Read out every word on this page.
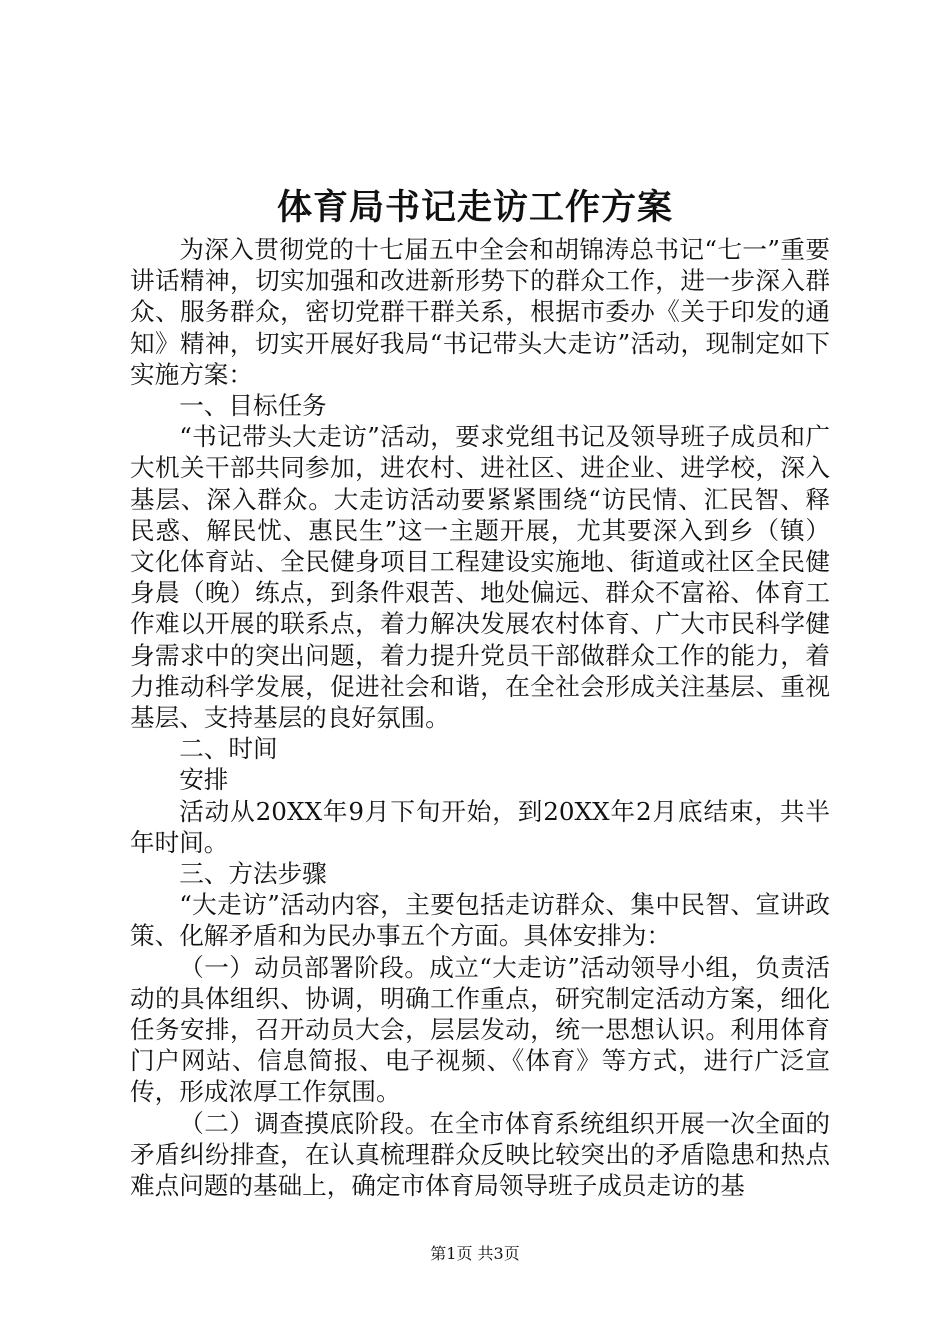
体育局书记走访工作方案

为深入贯彻党的十七届五中全会和胡锦涛总书记“七一”重要讲话精神，切实加强和改进新形势下的群众工作，进一步深入群众、服务群众，密切党群干群关系，根据市委办《关于印发的通知》精神，切实开展好我局“书记带头大走访”活动，现制定如下实施方案：

一、目标任务

“书记带头大走访”活动，要求党组书记及领导班子成员和广大机关干部共同参加，进农村、进社区、进企业、进学校，深入基层、深入群众。大走访活动要紧紧围绕“访民情、汇民智、释民惑、解民忧、惠民生”这一主题开展，尤其要深入到乡（镇）文化体育站、全民健身项目工程建设实施地、街道或社区全民健身晨（晚）练点，到条件艰苦、地处偏远、群众不富裕、体育工作难以开展的联系点，着力解决发展农村体育、广大市民科学健身需求中的突出问题，着力提升党员干部做群众工作的能力，着力推动科学发展，促进社会和谐，在全社会形成关注基层、重视基层、支持基层的良好氛围。

二、时间

安排

活动从20XX年9月下旬开始，到20XX年2月底结束，共半年时间。

三、方法步骤

“大走访”活动内容，主要包括走访群众、集中民智、宣讲政策、化解矛盾和为民办事五个方面。具体安排为：

（一）动员部署阶段。成立“大走访”活动领导小组，负责活动的具体组织、协调，明确工作重点，研究制定活动方案，细化任务安排，召开动员大会，层层发动，统一思想认识。利用体育门户网站、信息简报、电子视频、《体育》等方式，进行广泛宣传，形成浓厚工作氛围。

（二）调查摸底阶段。在全市体育系统组织开展一次全面的矛盾纠纷排查，在认真梳理群众反映比较突出的矛盾隐患和热点难点问题的基础上，确定市体育局领导班子成员走访的基

第1页 共3页
